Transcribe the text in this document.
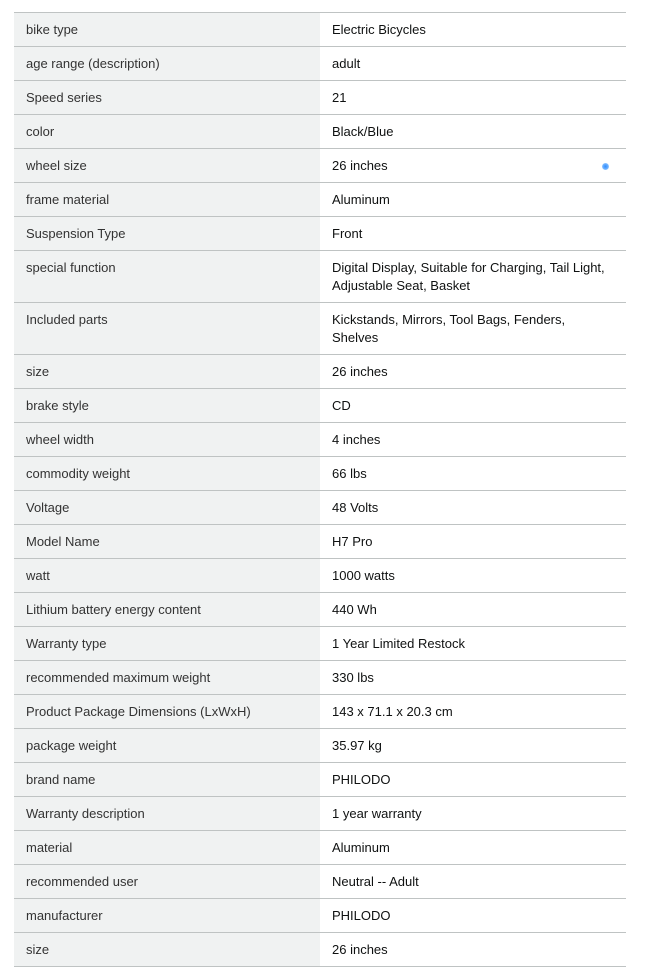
bike type	Electric Bicycles
age range (description)	adult
Speed series	21
color	Black/Blue
wheel size	26 inches
frame material	Aluminum
Suspension Type	Front
special function	Digital Display, Suitable for Charging, Tail Light, Adjustable Seat, Basket
Included parts	Kickstands, Mirrors, Tool Bags, Fenders, Shelves
size	26 inches
brake style	CD
wheel width	4 inches
commodity weight	66 lbs
Voltage	48 Volts
Model Name	H7 Pro
watt	1000 watts
Lithium battery energy content	440 Wh
Warranty type	1 Year Limited Restock
recommended maximum weight	330 lbs
Product Package Dimensions (LxWxH)	143 x 71.1 x 20.3 cm
package weight	35.97 kg
brand name	PHILODO
Warranty description	1 year warranty
material	Aluminum
recommended user	Neutral -- Adult
manufacturer	PHILODO
size	26 inches
